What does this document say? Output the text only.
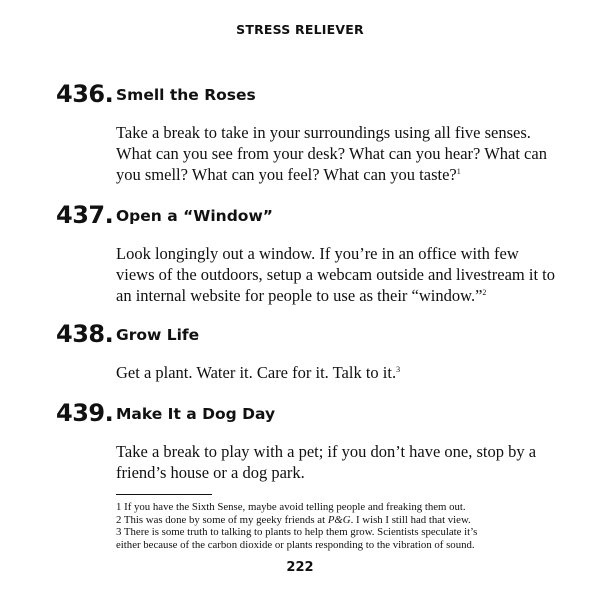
STRESS RELIEVER
436. Smell the Roses

Take a break to take in your surroundings using all five senses. What can you see from your desk? What can you hear? What can you smell? What can you feel? What can you taste?$^1$

437. Open a “Window”

Look longingly out a window. If you’re in an office with few views of the outdoors, setup a webcam outside and livestream it to an internal website for people to use as their “window.”$^2$

438. Grow Life

Get a plant. Water it. Care for it. Talk to it.$^3$

439. Make It a Dog Day

Take a break to play with a pet; if you don’t have one, stop by a friend’s house or a dog park.

1 If you have the Sixth Sense, maybe avoid telling people and freaking them out.

2 This was done by some of my geeky friends at P&G. I wish I still had that view.

3 There is some truth to talking to plants to help them grow. Scientists speculate it’s

either because of the carbon dioxide or plants responding to the vibration of sound.

222
